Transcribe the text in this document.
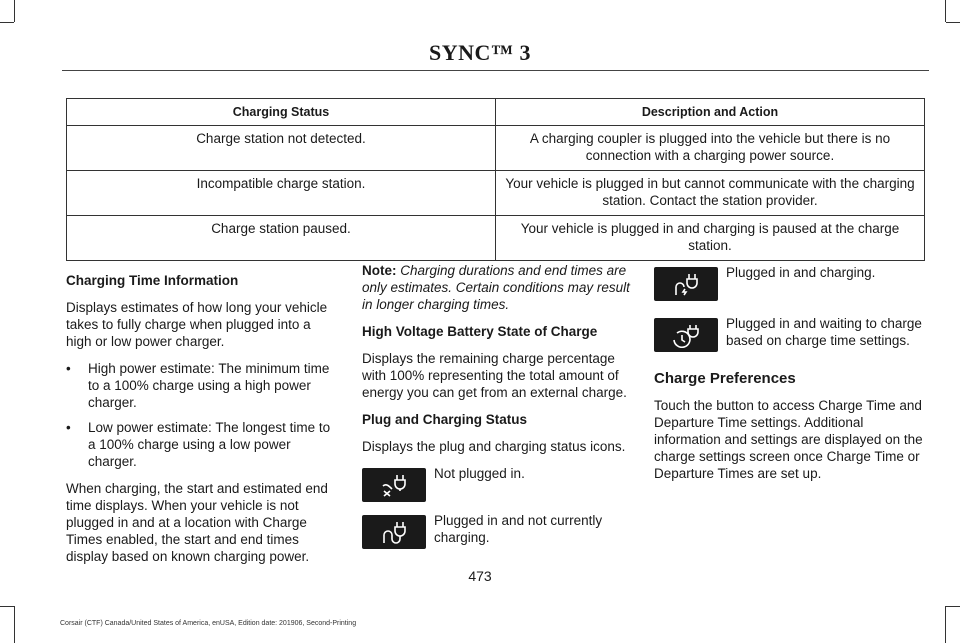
SYNC™ 3
Charging Status	Description and Action
Charge station not detected.	A charging coupler is plugged into the vehicle but there is no connection with a charging power source.
Incompatible charge station.	Your vehicle is plugged in but cannot communicate with the charging station. Contact the station provider.
Charge station paused.	Your vehicle is plugged in and charging is paused at the charge station.
Charging Time Information

Displays estimates of how long your vehicle takes to fully charge when plugged into a high or low power charger.

• High power estimate: The minimum time to a 100% charge using a high power charger.
• Low power estimate: The longest time to a 100% charge using a low power charger.

When charging, the start and estimated end time displays. When your vehicle is not plugged in and at a location with Charge Times enabled, the start and end times display based on known charging power.

Note: Charging durations and end times are only estimates. Certain conditions may result in longer charging times.

High Voltage Battery State of Charge

Displays the remaining charge percentage with 100% representing the total amount of energy you can get from an external charge.

Plug and Charging Status

Displays the plug and charging status icons.

Not plugged in.
Plugged in and not currently charging.
Plugged in and charging.
Plugged in and waiting to charge based on charge time settings.
Charge Preferences

Touch the button to access Charge Time and Departure Time settings. Additional information and settings are displayed on the charge settings screen once Charge Time or Departure Times are set up.

473
Corsair (CTF) Canada/United States of America, enUSA, Edition date: 201906, Second-Printing
